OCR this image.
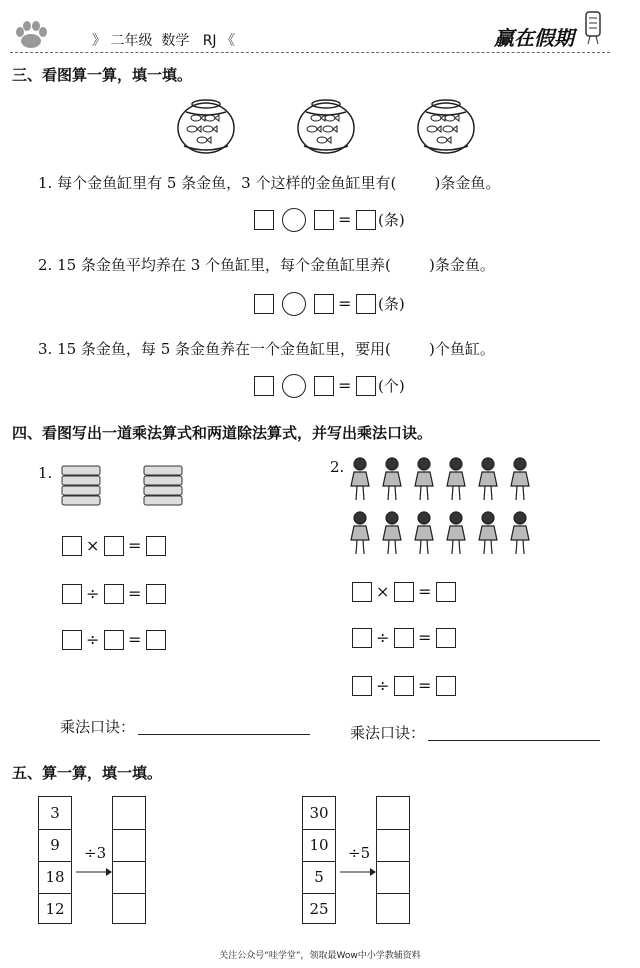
》 二年级  数学   RJ 《	赢在假期
三、看图算一算，填一填。
1. 每个金鱼缸里有 5 条金鱼，3 个这样的金鱼缸里有(        )条金鱼。
= (条)
2. 15 条金鱼平均养在 3 个鱼缸里，每个金鱼缸里养(        )条金鱼。
= (条)
3. 15 条金鱼，每 5 条金鱼养在一个金鱼缸里，要用(        )个鱼缸。
= (个)
四、看图写出一道乘法算式和两道除法算式，并写出乘法口诀。
1.
× =
÷ =
÷ =
乘法口诀：
2.
× =
÷ =
÷ =
乘法口诀：
五、算一算，填一填。
3
9
18
12
÷3
30
10
5
25
÷5
关注公众号“哇学堂”，领取最Wow中小学教辅资料
